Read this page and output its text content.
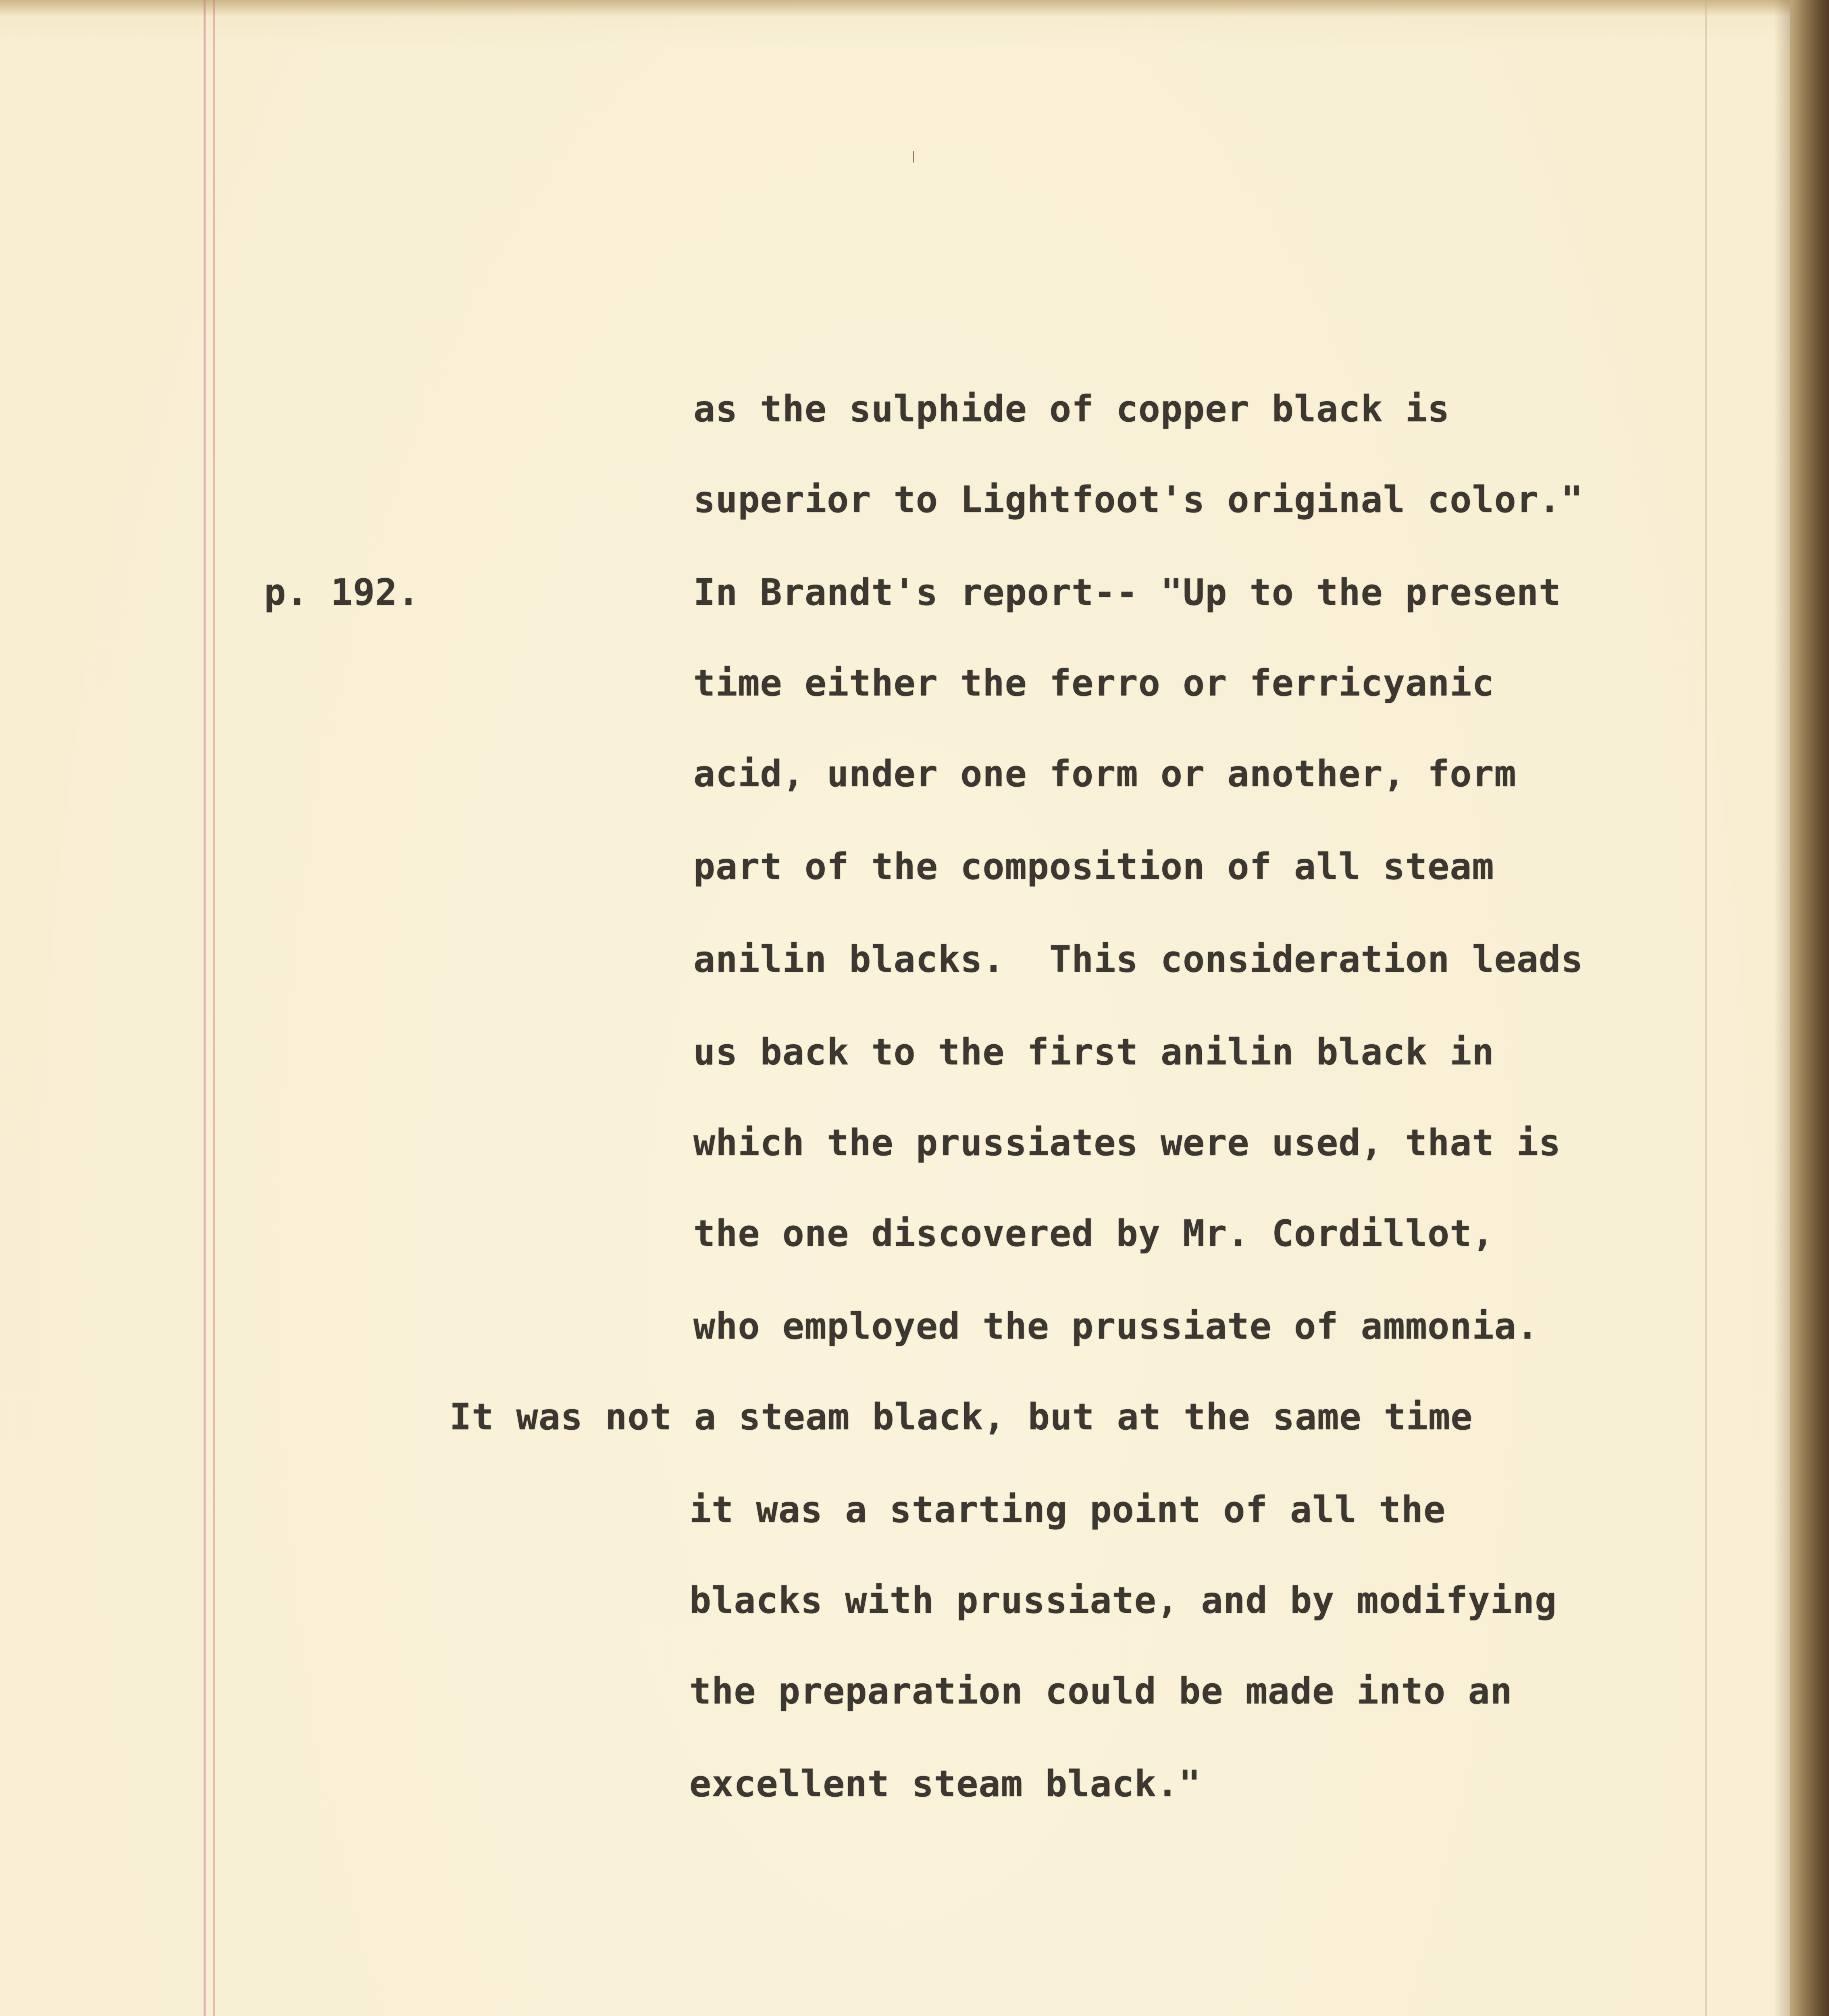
p. 192.
as the sulphide of copper black is
superior to Lightfoot's original color."
In Brandt's report-- "Up to the present
time either the ferro or ferricyanic
acid, under one form or another, form
part of the composition of all steam
anilin blacks.  This consideration leads
us back to the first anilin black in
which the prussiates were used, that is
the one discovered by Mr. Cordillot,
who employed the prussiate of ammonia.
It was not a steam black, but at the same time
it was a starting point of all the
blacks with prussiate, and by modifying
the preparation could be made into an
excellent steam black."
